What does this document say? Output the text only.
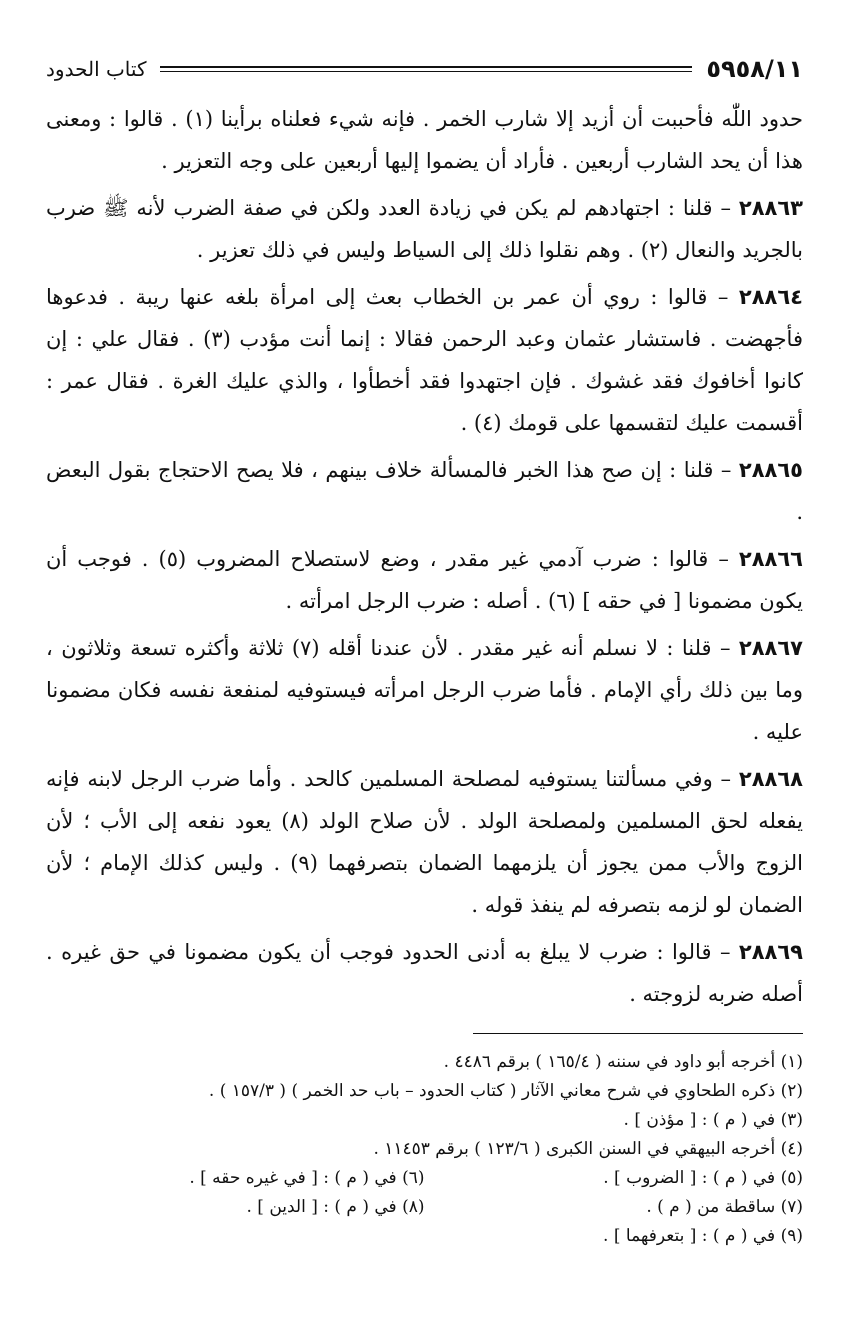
٥٩٥٨/١١
كتاب الحدود

حدود اللّٰه فأحببت أن أزيد إلا شارب الخمر . فإنه شيء فعلناه برأينا (١) . قالوا : ومعنى هذا أن يحد الشارب أربعين . فأراد أن يضموا إليها أربعين على وجه التعزير .

٢٨٨٦٣ – قلنا : اجتهادهم لم يكن في زيادة العدد ولكن في صفة الضرب لأنه ﷺ ضرب بالجريد والنعال (٢) . وهم نقلوا ذلك إلى السياط وليس في ذلك تعزير .

٢٨٨٦٤ – قالوا : روي أن عمر بن الخطاب بعث إلى امرأة بلغه عنها ريبة . فدعوها فأجهضت . فاستشار عثمان وعبد الرحمن فقالا : إنما أنت مؤدب (٣) . فقال علي : إن كانوا أخافوك فقد غشوك . فإن اجتهدوا فقد أخطأوا ، والذي عليك الغرة . فقال عمر : أقسمت عليك لتقسمها على قومك (٤) .

٢٨٨٦٥ – قلنا : إن صح هذا الخبر فالمسألة خلاف بينهم ، فلا يصح الاحتجاج بقول البعض .

٢٨٨٦٦ – قالوا : ضرب آدمي غير مقدر ، وضع لاستصلاح المضروب (٥) . فوجب أن يكون مضمونا [ في حقه ] (٦) . أصله : ضرب الرجل امرأته .

٢٨٨٦٧ – قلنا : لا نسلم أنه غير مقدر . لأن عندنا أقله (٧) ثلاثة وأكثره تسعة وثلاثون ، وما بين ذلك رأي الإمام . فأما ضرب الرجل امرأته فيستوفيه لمنفعة نفسه فكان مضمونا عليه .

٢٨٨٦٨ – وفي مسألتنا يستوفيه لمصلحة المسلمين كالحد . وأما ضرب الرجل لابنه فإنه يفعله لحق المسلمين ولمصلحة الولد . لأن صلاح الولد (٨) يعود نفعه إلى الأب ؛ لأن الزوج والأب ممن يجوز أن يلزمهما الضمان بتصرفهما (٩) . وليس كذلك الإمام ؛ لأن الضمان لو لزمه بتصرفه لم ينفذ قوله .

٢٨٨٦٩ – قالوا : ضرب لا يبلغ به أدنى الحدود فوجب أن يكون مضمونا في حق غيره . أصله ضربه لزوجته .

(١) أخرجه أبو داود في سننه ( ١٦٥/٤ ) برقم ٤٤٨٦ .

(٢) ذكره الطحاوي في شرح معاني الآثار ( كتاب الحدود – باب حد الخمر ) ( ١٥٧/٣ ) .

(٣) في ( م ) : [ مؤذن ] .

(٤) أخرجه البيهقي في السنن الكبرى ( ١٢٣/٦ ) برقم ١١٤٥٣ .

(٥) في ( م ) : [ الضروب ] .

(٦) في ( م ) : [ في غيره حقه ] .

(٧) ساقطة من ( م ) .

(٨) في ( م ) : [ الدين ] .

(٩) في ( م ) : [ بتعرفهما ] .
